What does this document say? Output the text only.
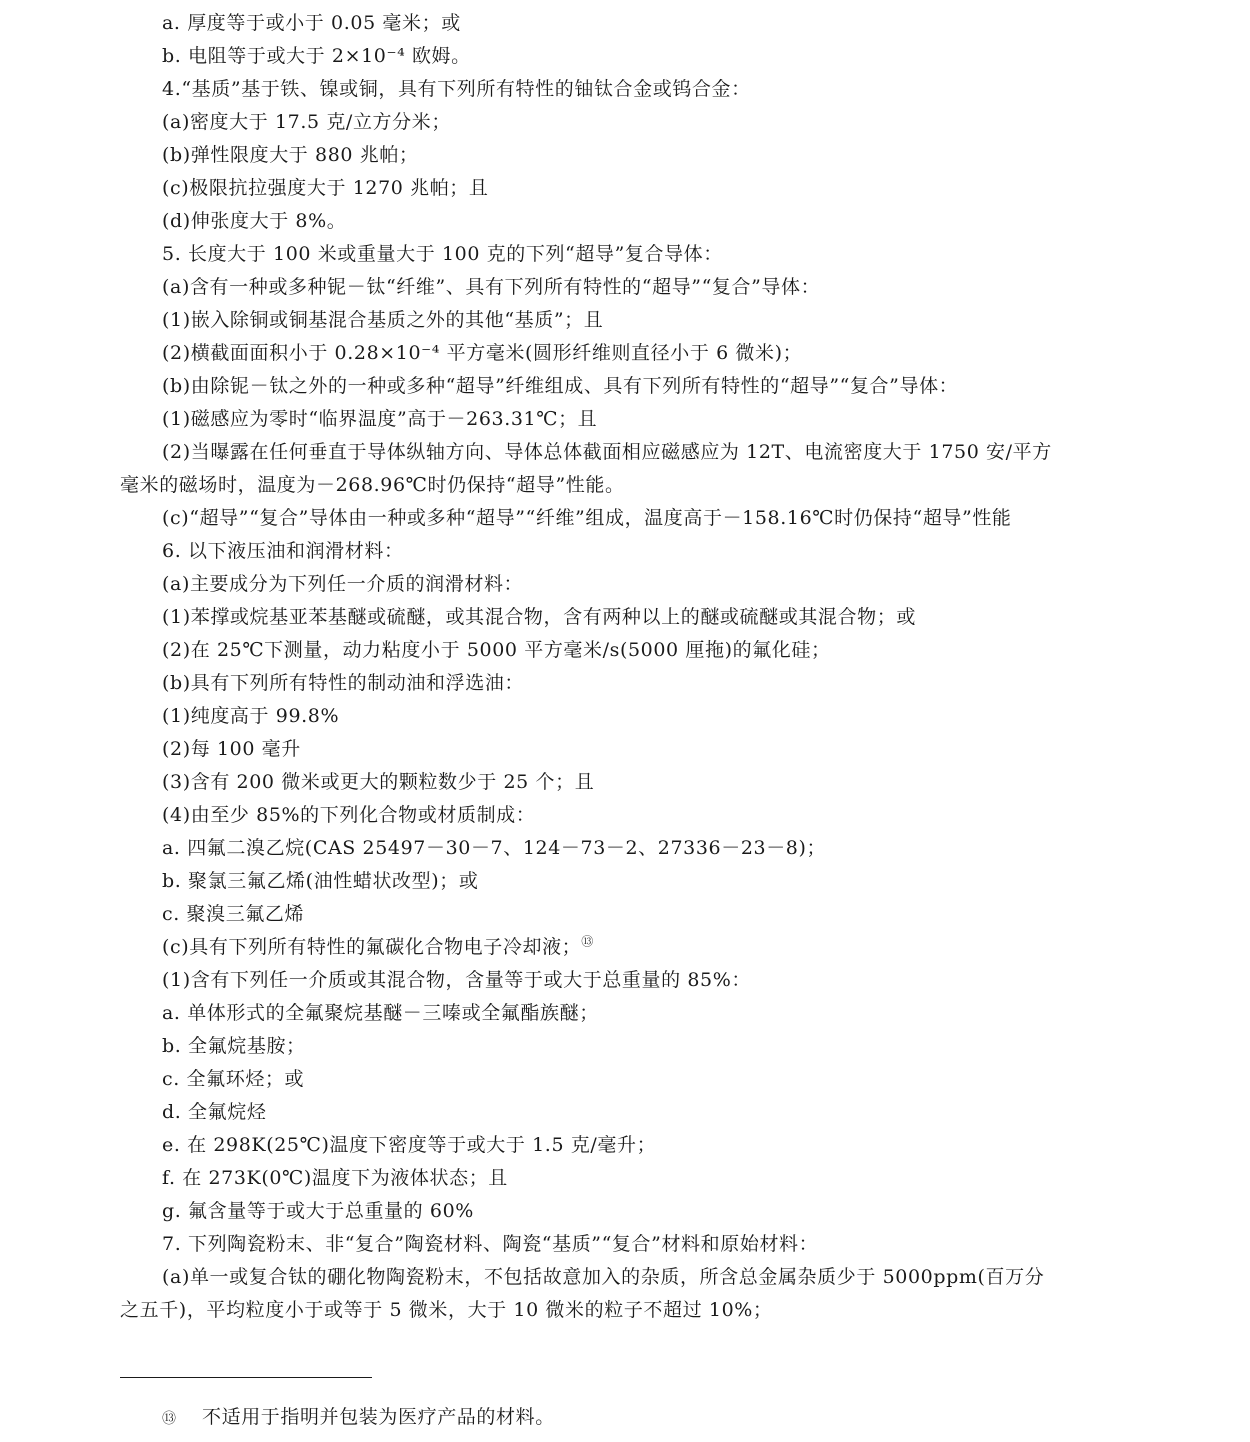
a. 厚度等于或小于 0.05 毫米；或
b. 电阻等于或大于 2×10⁻⁴ 欧姆。
4.“基质”基于铁、镍或铜，具有下列所有特性的铀钛合金或钨合金：
(a)密度大于 17.5 克/立方分米；
(b)弹性限度大于 880 兆帕；
(c)极限抗拉强度大于 1270 兆帕；且
(d)伸张度大于 8%。
5. 长度大于 100 米或重量大于 100 克的下列“超导”复合导体：
(a)含有一种或多种铌－钛“纤维”、具有下列所有特性的“超导”“复合”导体：
(1)嵌入除铜或铜基混合基质之外的其他“基质”；且
(2)横截面面积小于 0.28×10⁻⁴ 平方毫米(圆形纤维则直径小于 6 微米)；
(b)由除铌－钛之外的一种或多种“超导”纤维组成、具有下列所有特性的“超导”“复合”导体：
(1)磁感应为零时“临界温度”高于－263.31℃；且
(2)当曝露在任何垂直于导体纵轴方向、导体总体截面相应磁感应为 12T、电流密度大于 1750 安/平方
毫米的磁场时，温度为－268.96℃时仍保持“超导”性能。
(c)“超导”“复合”导体由一种或多种“超导”“纤维”组成，温度高于－158.16℃时仍保持“超导”性能
6. 以下液压油和润滑材料：
(a)主要成分为下列任一介质的润滑材料：
(1)苯撑或烷基亚苯基醚或硫醚，或其混合物，含有两种以上的醚或硫醚或其混合物；或
(2)在 25℃下测量，动力粘度小于 5000 平方毫米/s(5000 厘拖)的氟化硅；
(b)具有下列所有特性的制动油和浮选油：
(1)纯度高于 99.8%
(2)每 100 毫升
(3)含有 200 微米或更大的颗粒数少于 25 个；且
(4)由至少 85%的下列化合物或材质制成：
a. 四氟二溴乙烷(CAS 25497－30－7、124－73－2、27336－23－8)；
b. 聚氯三氟乙烯(油性蜡状改型)；或
c. 聚溴三氟乙烯
(c)具有下列所有特性的氟碳化合物电子冷却液；⑬
(1)含有下列任一介质或其混合物，含量等于或大于总重量的 85%：
a. 单体形式的全氟聚烷基醚－三嗪或全氟酯族醚；
b. 全氟烷基胺；
c. 全氟环烃；或
d. 全氟烷烃
e. 在 298K(25℃)温度下密度等于或大于 1.5 克/毫升；
f. 在 273K(0℃)温度下为液体状态；且
g. 氟含量等于或大于总重量的 60%
7. 下列陶瓷粉末、非“复合”陶瓷材料、陶瓷“基质”“复合”材料和原始材料：
(a)单一或复合钛的硼化物陶瓷粉末，不包括故意加入的杂质，所含总金属杂质少于 5000ppm(百万分
之五千)，平均粒度小于或等于 5 微米，大于 10 微米的粒子不超过 10%；
⑬ 不适用于指明并包装为医疗产品的材料。
